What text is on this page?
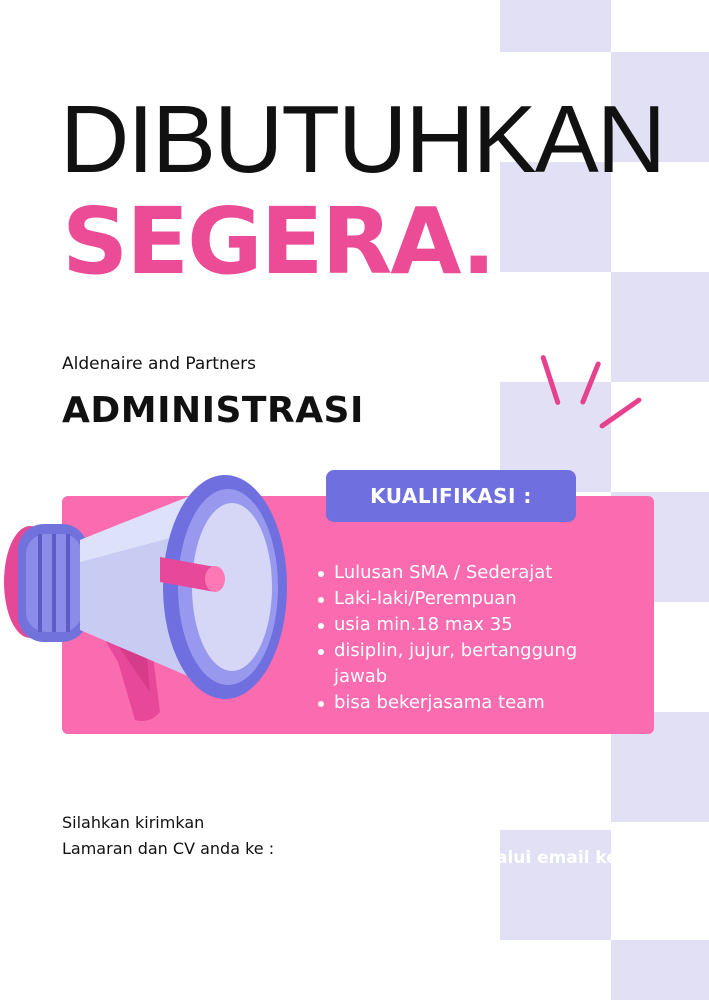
DIBUTUHKAN
SEGERA.
Aldenaire and Partners
ADMINISTRASI
KUALIFIKASI :
Lulusan SMA / Sederajat
Laki-laki/Perempuan
usia min.18 max 35
disiplin, jujur, bertanggung jawab
bisa bekerjasama team
Silahkan kirimkan
Lamaran dan CV anda ke :	alui email ke
